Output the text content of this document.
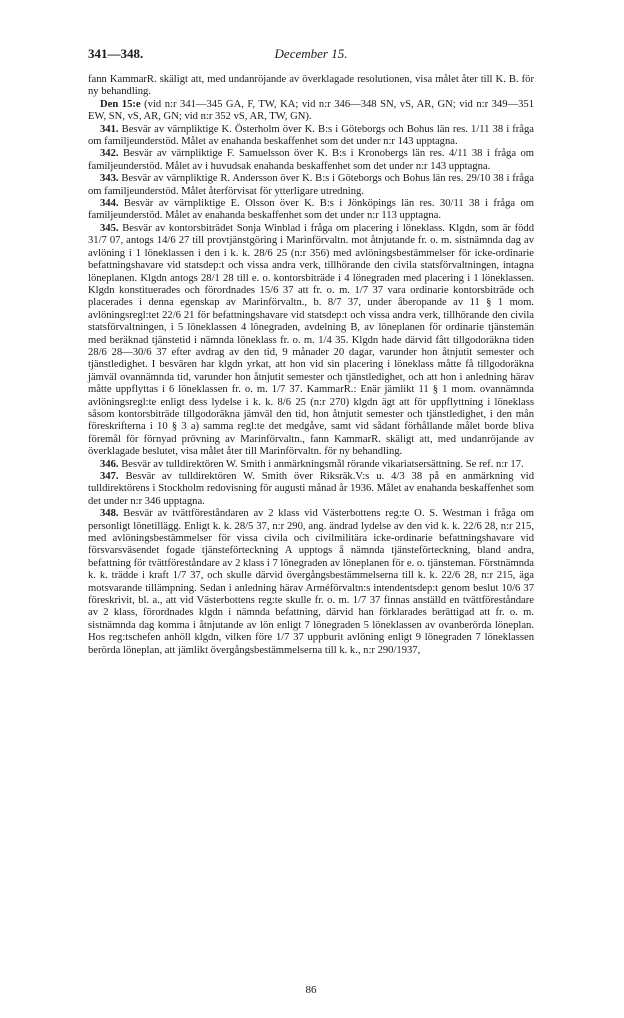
341—348.	December 15.

fann KammarR. skäligt att, med undanröjande av överklagade resolutionen, visa målet åter till K. B. för ny behandling.

Den 15:e (vid n:r 341—345 GA, F, TW, KA; vid n:r 346—348 SN, vS, AR, GN; vid n:r 349—351 EW, SN, vS, AR, GN; vid n:r 352 vS, AR, TW, GN).

341. Besvär av värnpliktige K. Österholm över K. B:s i Göteborgs och Bohus län res. 1/11 38 i fråga om familjeunderstöd. Målet av enahanda beskaffenhet som det under n:r 143 upptagna.

342. Besvär av värnpliktige F. Samuelsson över K. B:s i Kronobergs län res. 4/11 38 i fråga om familjeunderstöd. Målet av i huvudsak enahanda beskaffenhet som det under n:r 143 upptagna.

343. Besvär av värnpliktige R. Andersson över K. B:s i Göteborgs och Bohus län res. 29/10 38 i fråga om familjeunderstöd. Målet återförvisat för ytterligare utredning.

344. Besvär av värnpliktige E. Olsson över K. B:s i Jönköpings län res. 30/11 38 i fråga om familjeunderstöd. Målet av enahanda beskaffenhet som det under n:r 113 upptagna.

345. Besvär av kontorsbiträdet Sonja Winblad i fråga om placering i löneklass. Klgdn, som är född 31/7 07, antogs 14/6 27 till provtjänstgöring i Marinförvaltn. mot åtnjutande fr. o. m. sistnämnda dag av avlöning i 1 löneklassen i den i k. k. 28/6 25 (n:r 356) med avlöningsbestämmelser för icke-ordinarie befattningshavare vid statsdep:t och vissa andra verk, tillhörande den civila statsförvaltningen, intagna löneplanen. Klgdn antogs 28/1 28 till e. o. kontorsbiträde i 4 lönegraden med placering i 1 löneklassen. Klgdn konstituerades och förordnades 15/6 37 att fr. o. m. 1/7 37 vara ordinarie kontorsbiträde och placerades i denna egenskap av Marinförvaltn., b. 8/7 37, under åberopande av 11 § 1 mom. avlöningsregl:tet 22/6 21 för befattningshavare vid statsdep:t och vissa andra verk, tillhörande den civila statsförvaltningen, i 5 löneklassen 4 lönegraden, avdelning B, av löneplanen för ordinarie tjänstemän med beräknad tjänstetid i nämnda löneklass fr. o. m. 1/4 35. Klgdn hade därvid fått tillgodoräkna tiden 28/6 28—30/6 37 efter avdrag av den tid, 9 månader 20 dagar, varunder hon åtnjutit semester och tjänstledighet. I besvären har klgdn yrkat, att hon vid sin placering i löneklass måtte få tillgodoräkna jämväl ovannämnda tid, varunder hon åtnjutit semester och tjänstledighet, och att hon i anledning härav måtte uppflyttas i 6 löneklassen fr. o. m. 1/7 37. KammarR.: Enär jämlikt 11 § 1 mom. ovannämnda avlöningsregl:te enligt dess lydelse i k. k. 8/6 25 (n:r 270) klgdn ägt att för uppflyttning i löneklass såsom kontorsbiträde tillgodoräkna jämväl den tid, hon åtnjutit semester och tjänstledighet, i den mån föreskrifterna i 10 § 3 a) samma regl:te det medgåve, samt vid sådant förhållande målet borde bliva föremål för förnyad prövning av Marinförvaltn., fann KammarR. skäligt att, med undanröjande av överklagade beslutet, visa målet åter till Marinförvaltn. för ny behandling.

346. Besvär av tulldirektören W. Smith i anmärkningsmål rörande vikariatsersättning. Se ref. n:r 17.

347. Besvär av tulldirektören W. Smith över Riksräk.V:s u. 4/3 38 på en anmärkning vid tulldirektörens i Stockholm redovisning för augusti månad år 1936. Målet av enahanda beskaffenhet som det under n:r 346 upptagna.

348. Besvär av tvättföreståndaren av 2 klass vid Västerbottens reg:te O. S. Westman i fråga om personligt lönetillägg. Enligt k. k. 28/5 37, n:r 290, ang. ändrad lydelse av den vid k. k. 22/6 28, n:r 215, med avlöningsbestämmelser för vissa civila och civilmilitära icke-ordinarie befattningshavare vid försvarsväsendet fogade tjänsteförteckning A upptogs å nämnda tjänsteförteckning, bland andra, befattning för tvättföreståndare av 2 klass i 7 lönegraden av löneplanen för e. o. tjänsteman. Förstnämnda k. k. trädde i kraft 1/7 37, och skulle därvid övergångsbestämmelserna till k. k. 22/6 28, n:r 215, äga motsvarande tillämpning. Sedan i anledning härav Arméförvaltn:s intendentsdep:t genom beslut 10/6 37 föreskrivit, bl. a., att vid Västerbottens reg:te skulle fr. o. m. 1/7 37 finnas anställd en tvättföreståndare av 2 klass, förordnades klgdn i nämnda befattning, därvid han förklarades berättigad att fr. o. m. sistnämnda dag komma i åtnjutande av lön enligt 7 lönegraden 5 löneklassen av ovanberörda löneplan. Hos reg:tschefen anhöll klgdn, vilken före 1/7 37 uppburit avlöning enligt 9 lönegraden 7 löneklassen berörda löneplan, att jämlikt övergångsbestämmelserna till k. k., n:r 290/1937,

86
